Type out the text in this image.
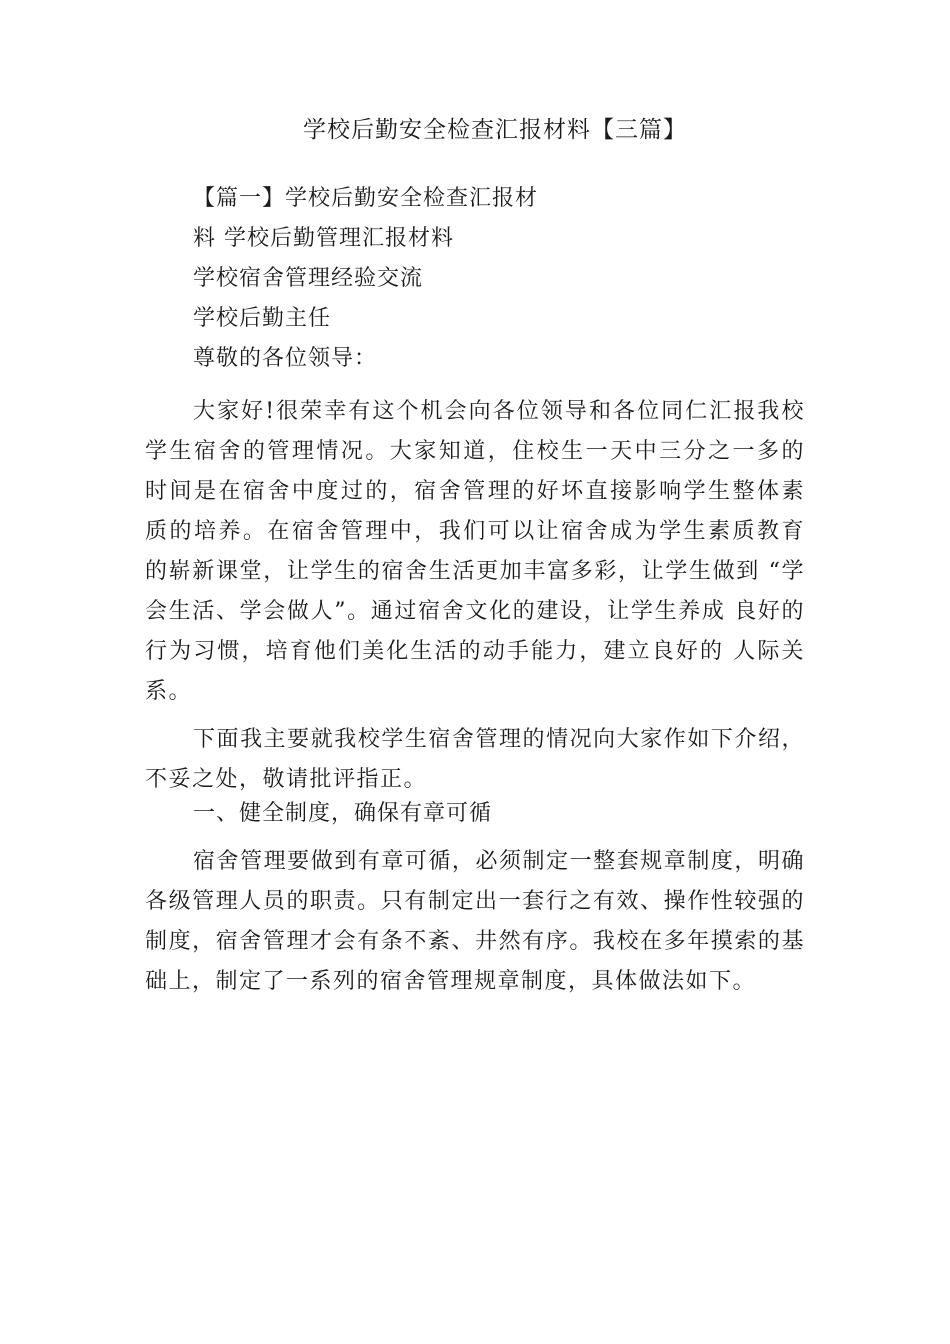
学校后勤安全检查汇报材料【三篇】
【篇一】学校后勤安全检查汇报材
料 学校后勤管理汇报材料
学校宿舍管理经验交流
学校后勤主任
尊敬的各位领导：

大家好!很荣幸有这个机会向各位领导和各位同仁汇报我校 学生宿舍的管理情况。大家知道，住校生一天中三分之一多的 时间是在宿舍中度过的，宿舍管理的好坏直接影响学生整体素 质的培养。在宿舍管理中，我们可以让宿舍成为学生素质教育 的崭新课堂，让学生的宿舍生活更加丰富多彩，让学生做到 “学会生活、学会做人”。通过宿舍文化的建设，让学生养成 良好的行为习惯，培育他们美化生活的动手能力，建立良好的 人际关系。

下面我主要就我校学生宿舍管理的情况向大家作如下介绍，不妥之处，敬请批评指正。

一、健全制度，确保有章可循

宿舍管理要做到有章可循，必须制定一整套规章制度，明确各级管理人员的职责。只有制定出一套行之有效、操作性较强的制度，宿舍管理才会有条不紊、井然有序。我校在多年摸索的基础上，制定了一系列的宿舍管理规章制度，具体做法如下。
